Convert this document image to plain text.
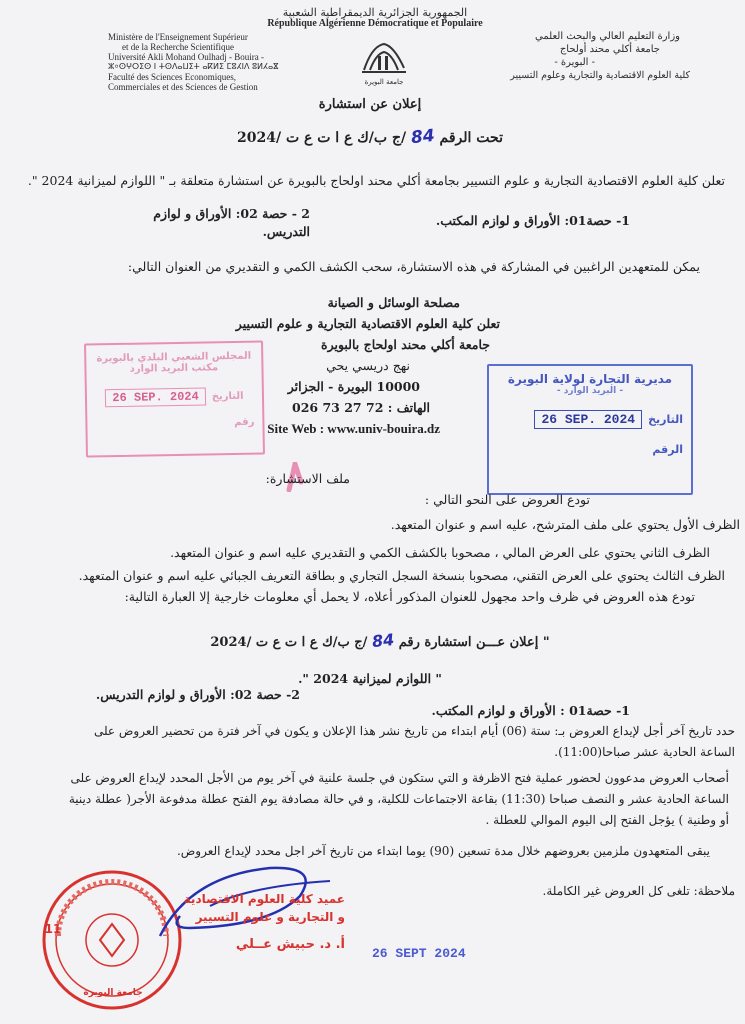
الجمهورية الجزائرية الديمقراطية الشعبية
République Algérienne Démocratique et Populaire
Ministère de l'Enseignement Supérieur
et de la Recherche Scientifique
Université Akli Mohand Oulhadj - Bouira -
ⵣ⸰ⵙⵖⵔⵉⵙ ⵏ ⵜⵙⴷⴰⵡⵉⵜ ⴰⴽⵍⵉ ⵎⵓⵃⵏⴷ ⵓⵍⵃⴰⴵ
Faculté des Sciences Economiques,
Commerciales et des Sciences de Gestion	جامعة البويرة
وزارة التعليم العالي والبحث العلمي
جامعة أكلي محند أولحاج
- البويرة -
كلية العلوم الاقتصادية والتجارية وعلوم التسيير
إعلان عن استشارة
تحت الرقم 84 /ج ب/ك ع ا ت ع ت /2024
تعلن كلية العلوم الاقتصادية التجارية و علوم التسيير بجامعة أكلي محند اولحاج بالبويرة عن استشارة متعلقة بـ " اللوازم لميزانية 2024 ".
1- حصة01: الأوراق و لوازم المكتب.
2 - حصة 02: الأوراق و لوازم التدريس.
يمكن للمتعهدين الراغبين في المشاركة في هذه الاستشارة، سحب الكشف الكمي و التقديري من العنوان التالي:
مصلحة الوسائل و الصيانة
تعلن كلية العلوم الاقتصادية التجارية و علوم التسيير
جامعة أكلي محند اولحاج بالبويرة
نهج دريسي يحي
10000 البويرة - الجزائر
الهاتف : 72 27 73 026
Site Web : www.univ-bouira.dz
المجلس الشعبي البلدي بالبويرة
مكتب البريد الوارد
26 SEP. 2024	التاريخ
رقم
مديرية التجارة لولاية البويرة
- البريد الوارد -
26 SEP. 2024	التاريخ
الرقم
ملف الاستشارة:
تودع العروض على النحو التالي :
الظرف الأول يحتوي على ملف المترشح، عليه اسم و عنوان المتعهد.
الظرف الثاني يحتوي على العرض المالي ، مصحوبا بالكشف الكمي و التقديري عليه اسم و عنوان المتعهد.
الظرف الثالث يحتوي على العرض التقني، مصحوبا بنسخة السجل التجاري و بطاقة التعريف الجبائي عليه اسم و عنوان المتعهد.
تودع هذه العروض في ظرف واحد مجهول للعنوان المذكور أعلاه، لا يحمل أي معلومات خارجية إلا العبارة التالية:
" إعلان عـــن استشارة رقم 84 /ج ب/ك ع ا ت ع ت /2024
" اللوازم لميزانية 2024 ".
1- حصة01 : الأوراق و لوازم المكتب.
2- حصة 02: الأوراق و لوازم التدريس.
حدد تاريخ آخر أجل لإيداع العروض بـ: ستة (06) أيام ابتداء من تاريخ نشر هذا الإعلان و يكون في آخر فترة من تحضير العروض على
الساعة الحادية عشر صباحا(11:00).
أصحاب العروض مدعوون لحضور عملية فتح الاظرفة و التي ستكون في جلسة علنية في آخر يوم من الأجل المحدد لإيداع العروض على
الساعة الحادية عشر و النصف صباحا (11:30) بقاعة الاجتماعات للكلية، و في حالة مصادفة يوم الفتح عطلة مدفوعة الأجر( عطلة دينية
أو وطنية ) يؤجل الفتح إلى اليوم الموالي للعطلة .
يبقى المتعهدون ملزمين بعروضهم خلال مدة تسعين (90) يوما ابتداء من تاريخ آخر اجل محدد لإيداع العروض.
ملاحظة: تلغى كل العروض غير الكاملة.
11
جامعة البويرة
عميد كلية العلوم الاقتصادية
و التجارية و علوم التسيير
أ. د. حبيش عــلي
26 SEPT 2024
